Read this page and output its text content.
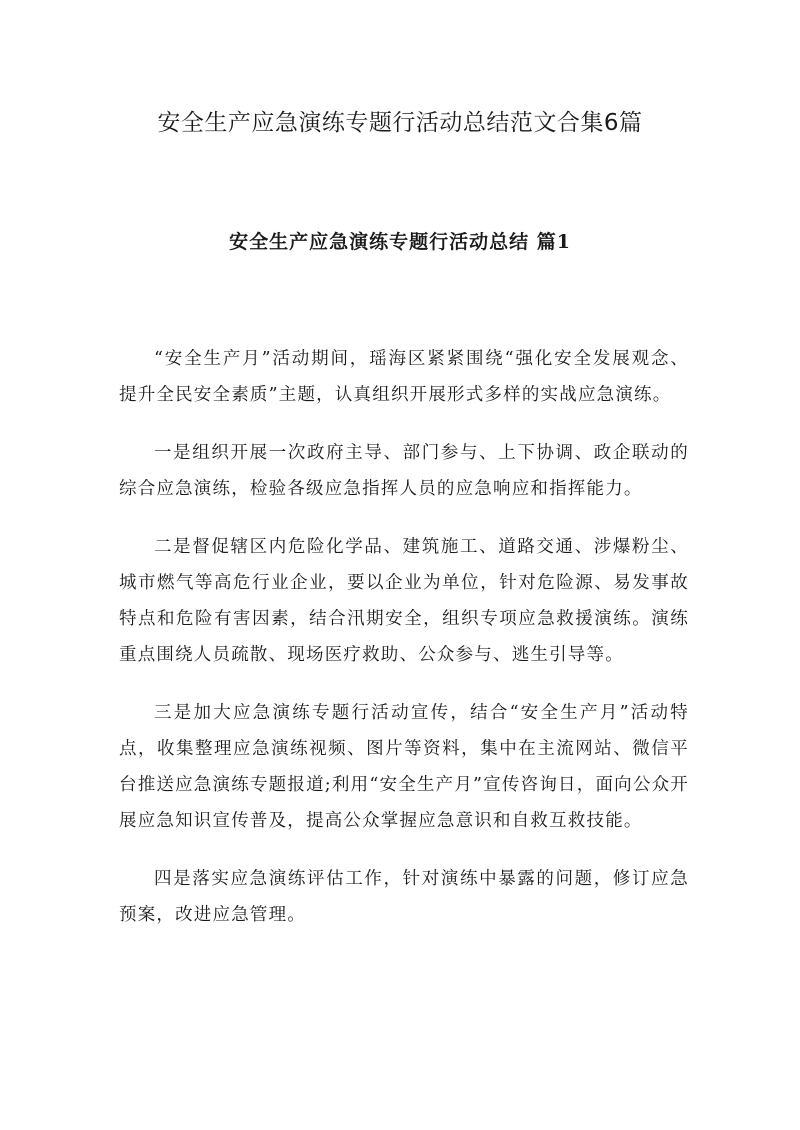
安全生产应急演练专题行活动总结范文合集6篇
安全生产应急演练专题行活动总结 篇1

“安全生产月”活动期间，瑶海区紧紧围绕“强化安全发展观念、提升全民安全素质”主题，认真组织开展形式多样的实战应急演练。

一是组织开展一次政府主导、部门参与、上下协调、政企联动的综合应急演练，检验各级应急指挥人员的应急响应和指挥能力。

二是督促辖区内危险化学品、建筑施工、道路交通、涉爆粉尘、城市燃气等高危行业企业，要以企业为单位，针对危险源、易发事故特点和危险有害因素，结合汛期安全，组织专项应急救援演练。演练重点围绕人员疏散、现场医疗救助、公众参与、逃生引导等。

三是加大应急演练专题行活动宣传，结合“安全生产月”活动特点，收集整理应急演练视频、图片等资料，集中在主流网站、微信平台推送应急演练专题报道;利用“安全生产月”宣传咨询日，面向公众开展应急知识宣传普及，提高公众掌握应急意识和自救互救技能。

四是落实应急演练评估工作，针对演练中暴露的问题，修订应急预案，改进应急管理。
